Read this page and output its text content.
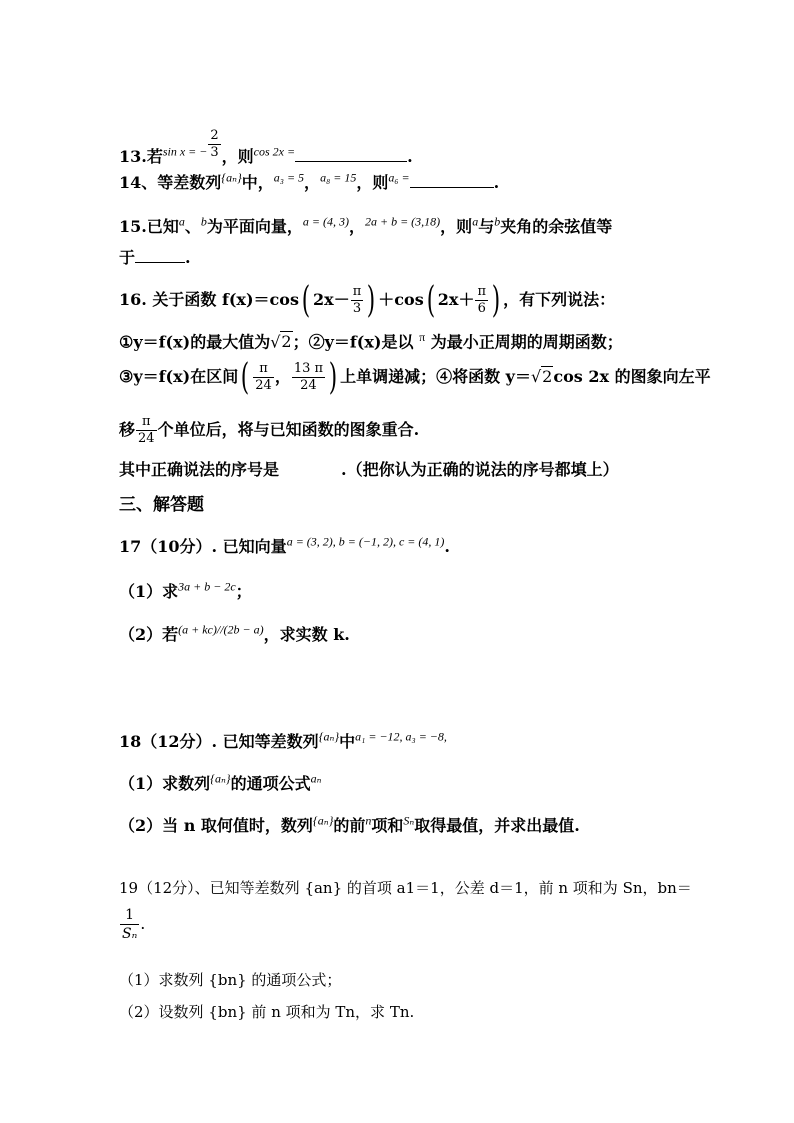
13.若$^{sin x = -} \frac{2}{3}$ ，则$^{cos 2x =}$	.
14、等差数列$^{\{a_n\}}$中，$^{a_3 = 5}$，$^{a_8 = 15}$，则$^{a_6 =}$	.
15.已知$^a$、$^b$为平面向量，$^{a = (4, 3)}$，$^{2a + b = (3,18)}$，则$^a$与$^b$夹角的余弦值等
于	.
16. 关于函数 f(x)＝cos( $2x- \frac{\pi}{3}$ ) ＋cos( $2x+ \frac{\pi}{6}$ ) ，有下列说法：
①y＝f(x)的最大值为√2；②y＝f(x)是以 $^\pi$ 为最小正周期的周期函数；
③y＝f(x)在区间( $\frac{\pi}{24}$ ， $\frac{13 \pi}{24}$ ) 上单调递减；④将函数 y＝√2cos 2x 的图象向左平
移 $\frac{\pi}{24}$ 个单位后，将与已知函数的图象重合.
其中正确说法的序号是	.（把你认为正确的说法的序号都填上）
三、解答题
17（10分）. 已知向量$^{a = (3, 2), b = (-1, 2), c = (4, 1)}$.
（1）求$^{3a + b - 2c}$；
（2）若$^{(a + kc)//(2b - a)}$，求实数 k.
18（12分）. 已知等差数列$^{\{a_n\}}$中$^{a_1 = -12, a_3 = -8,}$
（1）求数列$^{\{a_n\}}$的通项公式$^{a_n}$
（2）当 n 取何值时，数列$^{\{a_n\}}$的前$^n$项和$^{S_n}$取得最值，并求出最值.
19（12分）、已知等差数列 {an} 的首项 a1＝1，公差 d＝1，前 n 项和为 Sn，bn＝
$\frac{1}{\text{Sₙ}}$ .
（1）求数列 {bn} 的通项公式；
（2）设数列 {bn} 前 n 项和为 Tn，求 Tn.
